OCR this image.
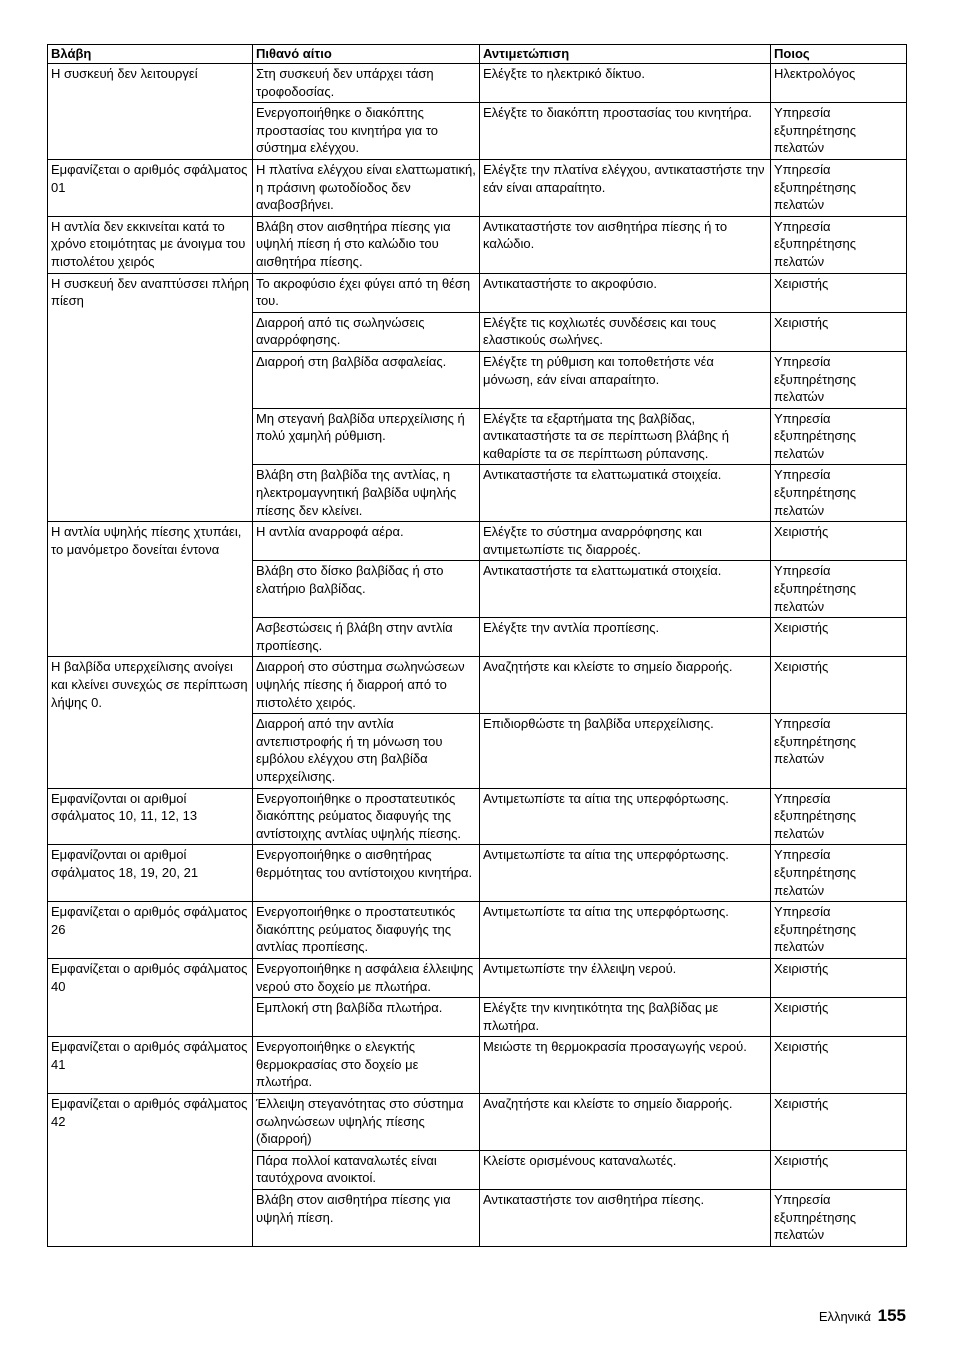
Βλάβη	Πιθανό αίτιο	Αντιμετώπιση	Ποιος
Η συσκευή δεν λειτουργεί	Στη συσκευή δεν υπάρχει τάση τροφοδοσίας.	Ελέγξτε το ηλεκτρικό δίκτυο.	Ηλεκτρολόγος
	Ενεργοποιήθηκε ο διακόπτης προστασίας του κινητήρα για το σύστημα ελέγχου.	Ελέγξτε το διακόπτη προστασίας του κινητήρα.	Υπηρεσία εξυπηρέτησης πελατών
Εμφανίζεται ο αριθμός σφάλματος 01	Η πλατίνα ελέγχου είναι ελαττωματική, η πράσινη φωτοδίοδος δεν αναβοσβήνει.	Ελέγξτε την πλατίνα ελέγχου, αντικαταστήστε την εάν είναι απαραίτητο.	Υπηρεσία εξυπηρέτησης πελατών
Η αντλία δεν εκκινείται κατά το χρόνο ετοιμότητας με άνοιγμα του πιστολέτου χειρός	Βλάβη στον αισθητήρα πίεσης για υψηλή πίεση ή στο καλώδιο του αισθητήρα πίεσης.	Αντικαταστήστε τον αισθητήρα πίεσης ή το καλώδιο.	Υπηρεσία εξυπηρέτησης πελατών
Η συσκευή δεν αναπτύσσει πλήρη πίεση	Το ακροφύσιο έχει φύγει από τη θέση του.	Αντικαταστήστε το ακροφύσιο.	Χειριστής
	Διαρροή από τις σωληνώσεις αναρρόφησης.	Ελέγξτε τις κοχλιωτές συνδέσεις και τους ελαστικούς σωλήνες.	Χειριστής
	Διαρροή στη βαλβίδα ασφαλείας.	Ελέγξτε τη ρύθμιση και τοποθετήστε νέα μόνωση, εάν είναι απαραίτητο.	Υπηρεσία εξυπηρέτησης πελατών
	Μη στεγανή βαλβίδα υπερχείλισης ή πολύ χαμηλή ρύθμιση.	Ελέγξτε τα εξαρτήματα της βαλβίδας, αντικαταστήστε τα σε περίπτωση βλάβης ή καθαρίστε τα σε περίπτωση ρύπανσης.	Υπηρεσία εξυπηρέτησης πελατών
	Βλάβη στη βαλβίδα της αντλίας, η ηλεκτρομαγνητική βαλβίδα υψηλής πίεσης δεν κλείνει.	Αντικαταστήστε τα ελαττωματικά στοιχεία.	Υπηρεσία εξυπηρέτησης πελατών
Η αντλία υψηλής πίεσης χτυπάει, το μανόμετρο δονείται έντονα	Η αντλία αναρροφά αέρα.	Ελέγξτε το σύστημα αναρρόφησης και αντιμετωπίστε τις διαρροές.	Χειριστής
	Βλάβη στο δίσκο βαλβίδας ή στο ελατήριο βαλβίδας.	Αντικαταστήστε τα ελαττωματικά στοιχεία.	Υπηρεσία εξυπηρέτησης πελατών
	Ασβεστώσεις ή βλάβη στην αντλία προπίεσης.	Ελέγξτε την αντλία προπίεσης.	Χειριστής
Η βαλβίδα υπερχείλισης ανοίγει και κλείνει συνεχώς σε περίπτωση λήψης 0.	Διαρροή στο σύστημα σωληνώσεων υψηλής πίεσης ή διαρροή από το πιστολέτο χειρός.	Αναζητήστε και κλείστε το σημείο διαρροής.	Χειριστής
	Διαρροή από την αντλία αντεπιστροφής ή τη μόνωση του εμβόλου ελέγχου στη βαλβίδα υπερχείλισης.	Επιδιορθώστε τη βαλβίδα υπερχείλισης.	Υπηρεσία εξυπηρέτησης πελατών
Εμφανίζονται οι αριθμοί σφάλματος 10, 11, 12, 13	Ενεργοποιήθηκε ο προστατευτικός διακόπτης ρεύματος διαφυγής της αντίστοιχης αντλίας υψηλής πίεσης.	Αντιμετωπίστε τα αίτια της υπερφόρτωσης.	Υπηρεσία εξυπηρέτησης πελατών
Εμφανίζονται οι αριθμοί σφάλματος 18, 19, 20, 21	Ενεργοποιήθηκε ο αισθητήρας θερμότητας του αντίστοιχου κινητήρα.	Αντιμετωπίστε τα αίτια της υπερφόρτωσης.	Υπηρεσία εξυπηρέτησης πελατών
Εμφανίζεται ο αριθμός σφάλματος 26	Ενεργοποιήθηκε ο προστατευτικός διακόπτης ρεύματος διαφυγής της αντλίας προπίεσης.	Αντιμετωπίστε τα αίτια της υπερφόρτωσης.	Υπηρεσία εξυπηρέτησης πελατών
Εμφανίζεται ο αριθμός σφάλματος 40	Ενεργοποιήθηκε η ασφάλεια έλλειψης νερού στο δοχείο με πλωτήρα.	Αντιμετωπίστε την έλλειψη νερού.	Χειριστής
	Εμπλοκή στη βαλβίδα πλωτήρα.	Ελέγξτε την κινητικότητα της βαλβίδας με πλωτήρα.	Χειριστής
Εμφανίζεται ο αριθμός σφάλματος 41	Ενεργοποιήθηκε ο ελεγκτής θερμοκρασίας στο δοχείο με πλωτήρα.	Μειώστε τη θερμοκρασία προσαγωγής νερού.	Χειριστής
Εμφανίζεται ο αριθμός σφάλματος 42	Έλλειψη στεγανότητας στο σύστημα σωληνώσεων υψηλής πίεσης (διαρροή)	Αναζητήστε και κλείστε το σημείο διαρροής.	Χειριστής
	Πάρα πολλοί καταναλωτές είναι ταυτόχρονα ανοικτοί.	Κλείστε ορισμένους καταναλωτές.	Χειριστής
	Βλάβη στον αισθητήρα πίεσης για υψηλή πίεση.	Αντικαταστήστε τον αισθητήρα πίεσης.	Υπηρεσία εξυπηρέτησης πελατών
Ελληνικά 155
